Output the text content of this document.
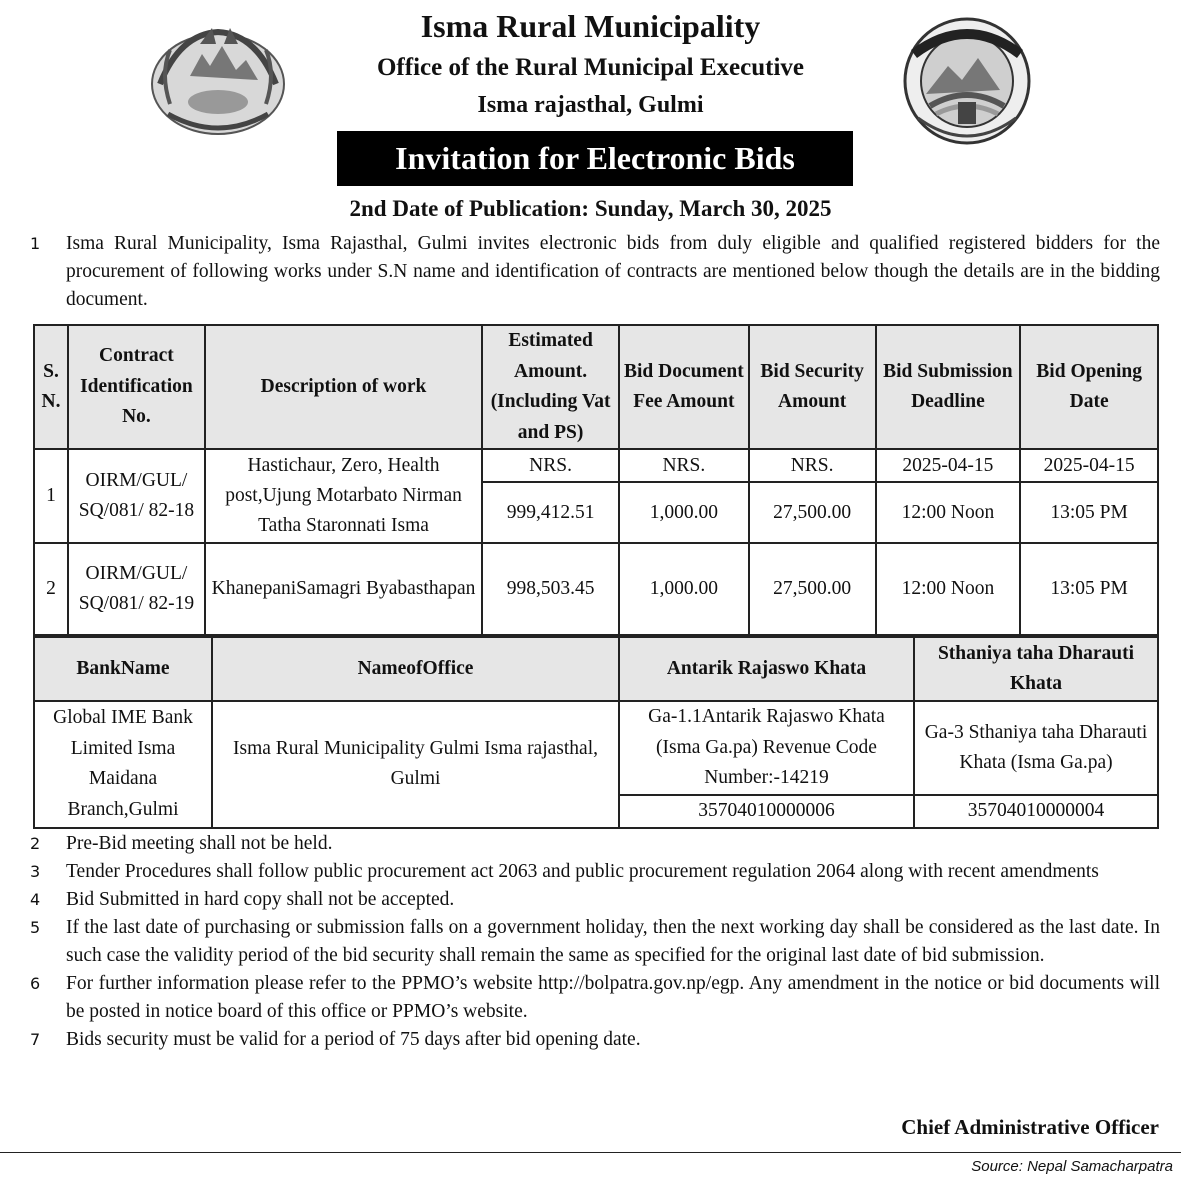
Isma Rural Municipality
Office of the Rural Municipal Executive
Isma rajasthal, Gulmi
Invitation for Electronic Bids
2nd Date of Publication: Sunday, March 30, 2025
1	Isma Rural Municipality, Isma Rajasthal, Gulmi invites electronic bids from duly eligible and qualified registered bidders for the procurement of following works under S.N name and identification of contracts are mentioned below though the details are in the bidding document.
S. N.	Contract Identification No.	Description of work	Estimated Amount. (Including Vat and PS)	Bid Document Fee Amount	Bid Security Amount	Bid Submission Deadline	Bid Opening Date
1	OIRM/GUL/ SQ/081/ 82-18	Hastichaur, Zero, Health post,Ujung Motarbato Nirman Tatha Staronnati Isma	NRS.	NRS.	NRS.	2025-04-15	2025-04-15
			999,412.51	1,000.00	27,500.00	12:00 Noon	13:05 PM
2	OIRM/GUL/ SQ/081/ 82-19	KhanepaniSamagri Byabasthapan	998,503.45	1,000.00	27,500.00	12:00 Noon	13:05 PM
BankName	NameofOffice	Antarik Rajaswo Khata	Sthaniya taha Dharauti Khata
Global IME Bank Limited Isma Maidana Branch,Gulmi	Isma Rural Municipality Gulmi Isma rajasthal, Gulmi	Ga-1.1Antarik Rajaswo Khata (Isma Ga.pa) Revenue Code Number:-14219	Ga-3 Sthaniya taha Dharauti Khata (Isma Ga.pa)
		35704010000006	35704010000004
2 Pre-Bid meeting shall not be held.
3 Tender Procedures shall follow public procurement act 2063 and public procurement regulation 2064 along with recent amendments
4 Bid Submitted in hard copy shall not be accepted.
5 If the last date of purchasing or submission falls on a government holiday, then the next working day shall be considered as the last date. In such case the validity period of the bid security shall remain the same as specified for the original last date of bid submission.
6 For further information please refer to the PPMO’s website http://bolpatra.gov.np/egp. Any amendment in the notice or bid documents will be posted in notice board of this office or PPMO’s website.
7 Bids security must be valid for a period of 75 days after bid opening date.
Chief Administrative Officer
Source: Nepal Samacharpatra
